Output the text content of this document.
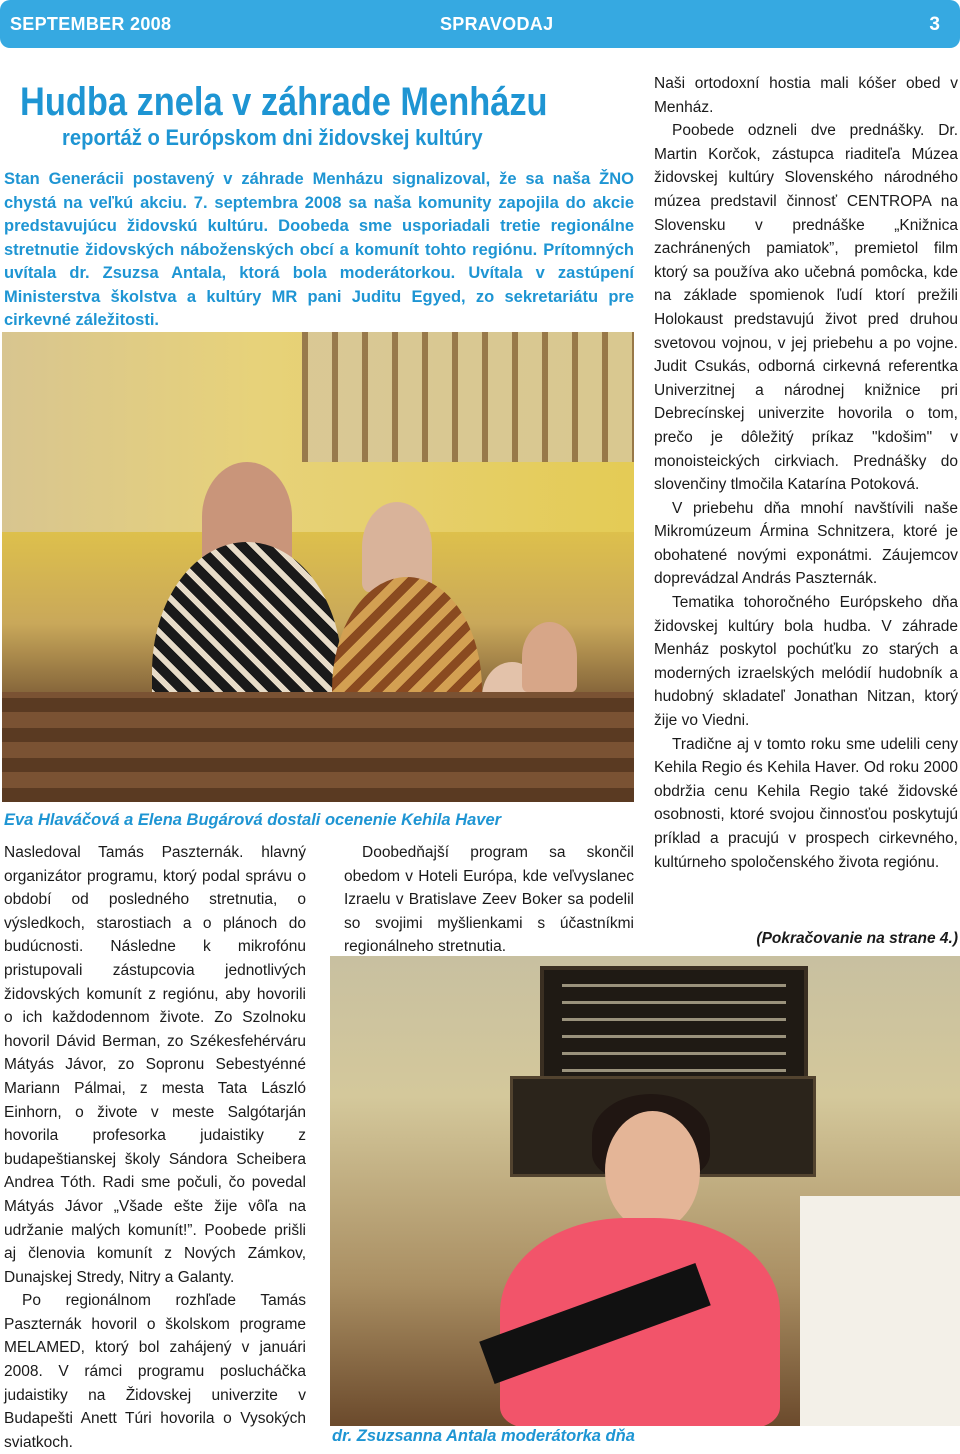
SEPTEMBER 2008	SPRAVODAJ	3
Hudba znela v záhrade Menházu
reportáž o Európskom dni židovskej kultúry
Stan Generácii postavený v záhrade Menházu signalizoval, že sa naša ŽNO chystá na veľkú akciu. 7. septembra 2008 sa naša komunity zapojila do akcie predstavujúcu židovskú kultúru. Doobeda sme usporiadali tretie regionálne stretnutie židovských náboženských obcí a komunít tohto regiónu. Prítomných uvítala dr. Zsuzsa Antala, ktorá bola moderátorkou. Uvítala v zastúpení Ministerstva školstva a kultúry MR pani Juditu Egyed, zo sekretariátu pre cirkevné záležitosti.
Eva Hlaváčová a Elena Bugárová dostali ocenenie Kehila Haver

Nasledoval Tamás Paszternák. hlavný organizátor programu, ktorý podal správu o období od posledného stretnutia, o výsledkoch, starostiach a o plánoch do budúcnosti. Následne k mikrofónu pristupovali zástupcovia jednotlivých židovských komunít z regiónu, aby hovorili o ich každodennom živote. Zo Szolnoku hovoril Dávid Berman, zo Székesfehérváru Mátyás Jávor, zo Sopronu Sebestyénné Mariann Pálmai, z mesta Tata László Einhorn, o živote v meste Salgótarján hovorila profesorka judaistiky z budapeštianskej školy Sándora Scheibera Andrea Tóth. Radi sme počuli, čo povedal Mátyás Jávor „Všade ešte žije vôľa na udržanie malých komunít!”. Poobede prišli aj členovia komunít z Nových Zámkov, Dunajskej Stredy, Nitry a Galanty.

Po regionálnom rozhľade Tamás Paszternák hovoril o školskom programe MELAMED, ktorý bol zahájený v januári 2008. V rámci programu poslucháčka judaistiky na Židovskej univerzite v Budapešti Anett Túri hovorila o Vysokých sviatkoch.

Doobedňajší program sa skončil obedom v Hoteli Európa, kde veľvyslanec Izraelu v Bratislave Zeev Boker sa podelil so svojimi myšlienkami s účastníkmi regionálneho stretnutia.

dr. Zsuzsanna Antala moderátorka dňa

Naši ortodoxní hostia mali kóšer obed v Menház.

Poobede odzneli dve prednášky. Dr. Martin Korčok, zástupca riaditeľa Múzea židovskej kultúry Slovenského národného múzea predstavil činnosť CENTROPA na Slovensku v prednáške „Knižnica zachránených pamiatok”, premietol film ktorý sa používa ako učebná pomôcka, kde na základe spomienok ľudí ktorí prežili Holokaust predstavujú život pred druhou svetovou vojnou, v jej priebehu a po vojne. Judit Csukás, odborná cirkevná referentka Univerzitnej a národnej knižnice pri Debrecínskej univerzite hovorila o tom, prečo je dôležitý príkaz "kdošim" v monoisteických cirkviach. Prednášky do slovenčiny tlmočila Katarína Potoková.

V priebehu dňa mnohí navštívili naše Mikromúzeum Ármina Schnitzera, ktoré je obohatené novými exponátmi. Záujemcov doprevádzal András Paszternák.

Tematika tohoročného Európskeho dňa židovskej kultúry bola hudba. V záhrade Menház poskytol pochúťku zo starých a moderných izraelských melódií hudobník a hudobný skladateľ Jonathan Nitzan, ktorý žije vo Viedni.

Tradične aj v tomto roku sme udelili ceny Kehila Regio és Kehila Haver. Od roku 2000 obdržia cenu Kehila Regio také židovské osobnosti, ktoré svojou činnosťou poskytujú príklad a pracujú v prospech cirkevného, kultúrneho spoločenského života regiónu.

(Pokračovanie na strane 4.)
